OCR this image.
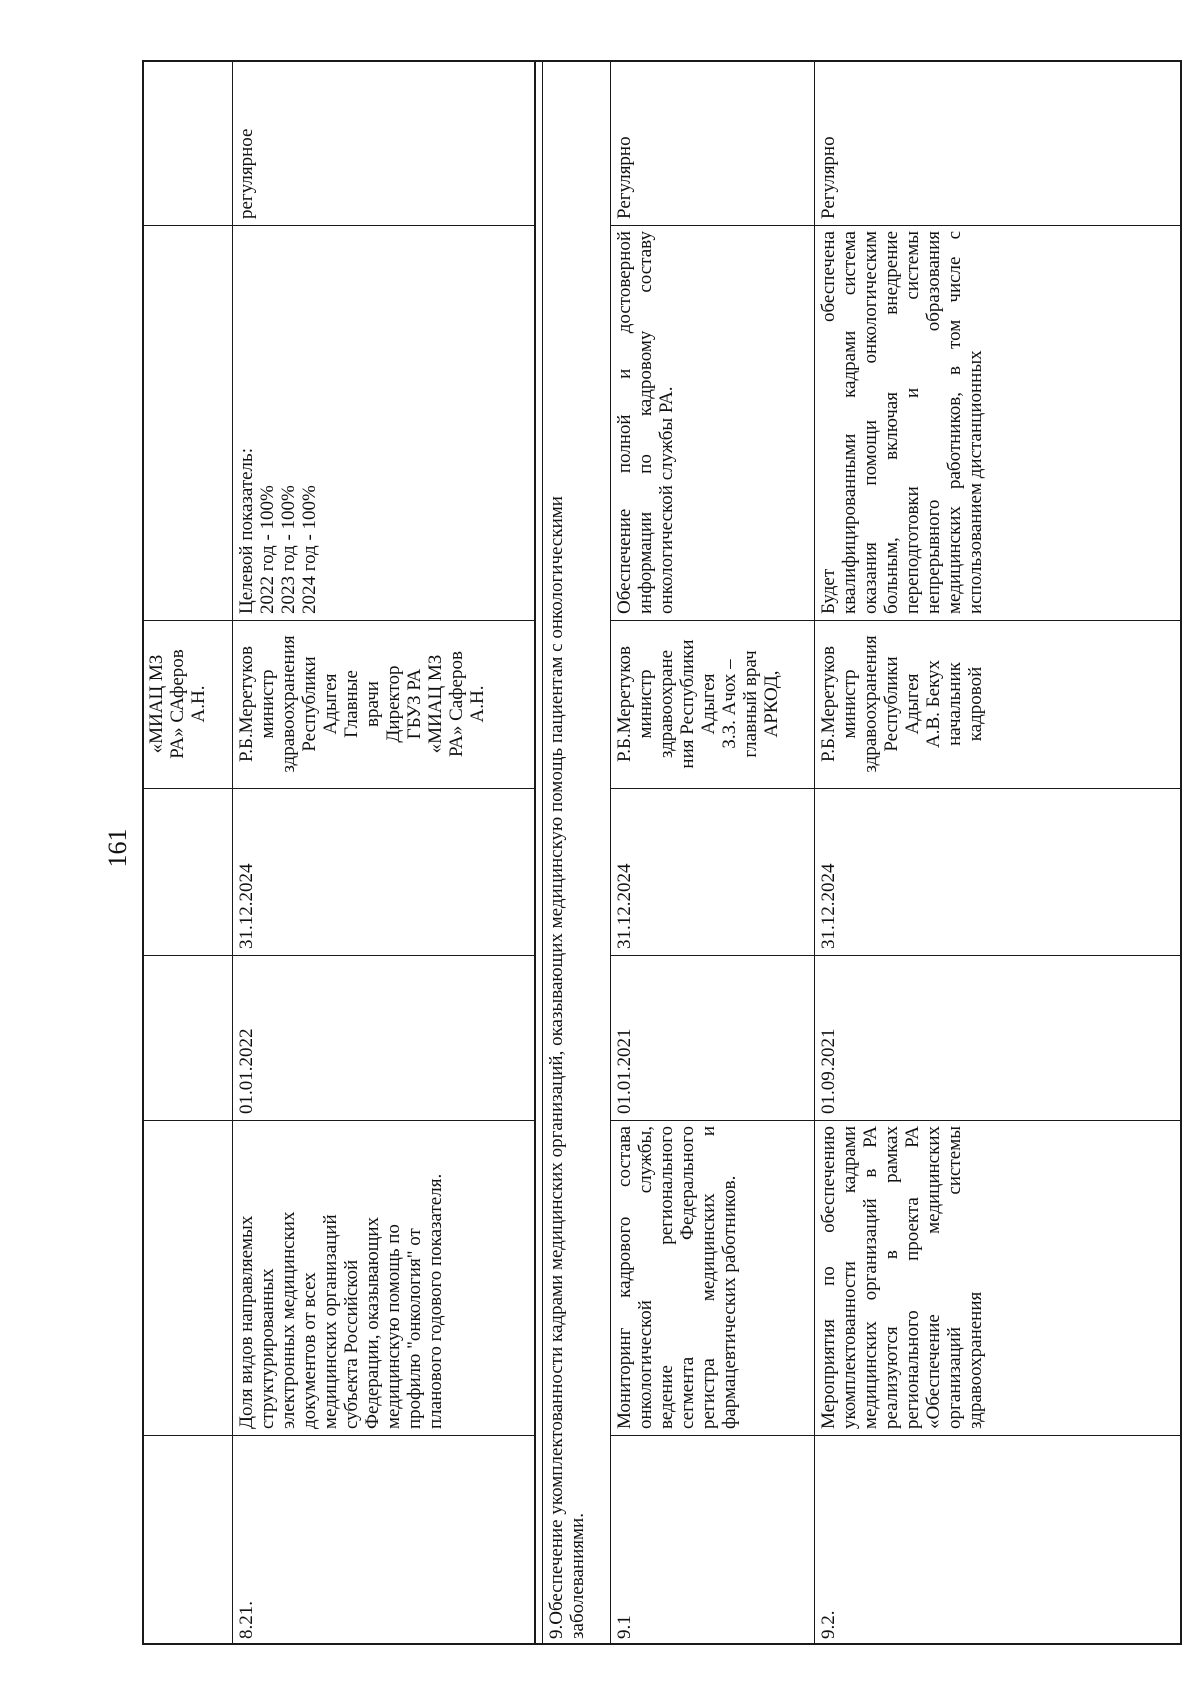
161
«МИАЦ МЗ РА» САферов А.Н.
регулярное
Целевой показатель: 2022 год - 100% 2023 год - 100% 2024 год - 100%
Р.Б.Меретуков министр здравоохранения Республики Адыгея Главные врачи Директор ГБУЗ РА «МИАЦ МЗ РА» Саферов А.Н.
31.12.2024
01.01.2022
Доля видов направляемых структурированных электронных медицинских документов от всех медицинских организаций субъекта Российской Федерации, оказывающих медицинскую помощь по профилю "онкология" от планового годового показателя.
8.21.	9.Обеспечение укомплектованности кадрами медицинских организаций, оказывающих медицинскую помощь пациентам с онкологическими заболеваниями.
Регулярно
Обеспечение полной и достоверной информации по кадровому составу онкологической службы РА.
Р.Б.Меретуков министр здравоохране ния Республики Адыгея З.З. Ачох – главный врач АРКОД,
31.12.2024
01.01.2021
Мониторинг кадрового состава онкологической службы, ведение регионального сегмента Федерального регистра медицинских и фармацевтических работников.
9.1
Регулярно
Будет обеспечена квалифицированными кадрами система оказания помощи онкологическим больным, включая внедрение переподготовки и системы непрерывного образования медицинских работников, в том числе с использованием дистанционных
Р.Б.Меретуков министр здравоохранения Республики Адыгея А.В. Бекух начальник кадровой
31.12.2024
01.09.2021
Мероприятия по обеспечению укомплектованности кадрами медицинских организаций в РА реализуются в рамках регионального проекта РА «Обеспечение медицинских организаций системы здравоохранения
9.2.
